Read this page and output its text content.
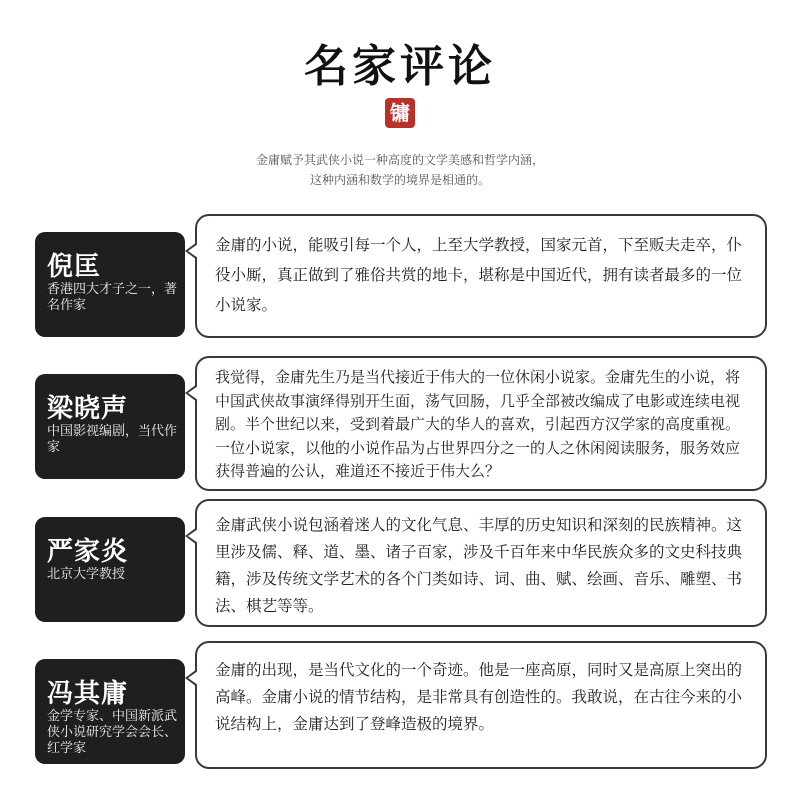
名家评论
镛
金庸赋予其武侠小说一种高度的文学美感和哲学内涵，
这种内涵和数学的境界是相通的。
倪匡
香港四大才子之一，著名作家
金庸的小说，能吸引每一个人，上至大学教授，国家元首，下至贩夫走卒，仆役小厮，真正做到了雅俗共赏的地卡，堪称是中国近代，拥有读者最多的一位小说家。
梁晓声
中国影视编剧，当代作家
我觉得，金庸先生乃是当代接近于伟大的一位休闲小说家。金庸先生的小说，将中国武侠故事演绎得别开生面，荡气回肠，几乎全部被改编成了电影或连续电视剧。半个世纪以来，受到着最广大的华人的喜欢，引起西方汉学家的高度重视。一位小说家，以他的小说作品为占世界四分之一的人之休闲阅读服务，服务效应获得普遍的公认，难道还不接近于伟大么？
严家炎
北京大学教授
金庸武侠小说包涵着迷人的文化气息、丰厚的历史知识和深刻的民族精神。这里涉及儒、释、道、墨、诸子百家，涉及千百年来中华民族众多的文史科技典籍，涉及传统文学艺术的各个门类如诗、词、曲、赋、绘画、音乐、雕塑、书法、棋艺等等。
冯其庸
金学专家、中国新派武侠小说研究学会会长、红学家
金庸的出现，是当代文化的一个奇迹。他是一座高原，同时又是高原上突出的高峰。金庸小说的情节结构，是非常具有创造性的。我敢说，在古往今来的小说结构上，金庸达到了登峰造极的境界。
